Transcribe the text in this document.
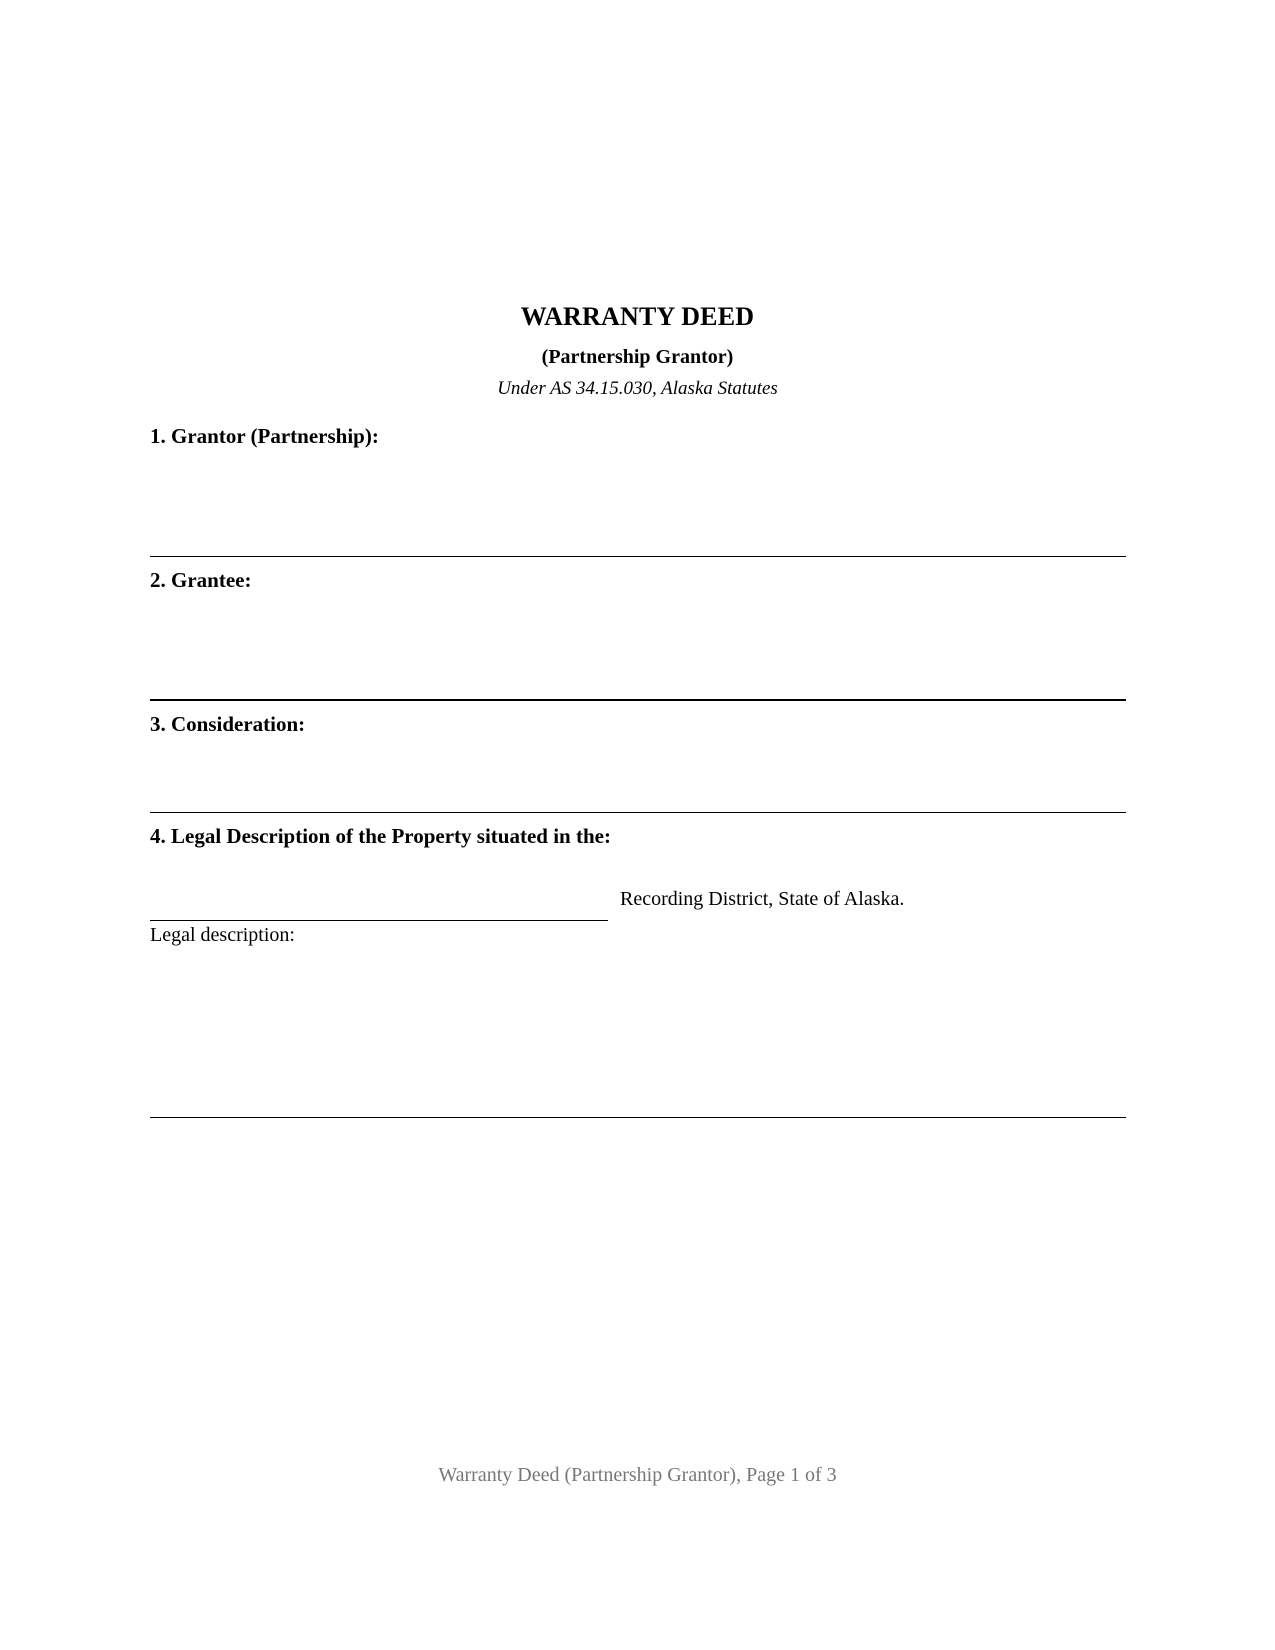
WARRANTY DEED
(Partnership Grantor)
Under AS 34.15.030, Alaska Statutes
1. Grantor (Partnership):
2. Grantee:
3. Consideration:
4. Legal Description of the Property situated in the:
Recording District, State of Alaska.
Legal description:
Warranty Deed (Partnership Grantor), Page 1 of 3
